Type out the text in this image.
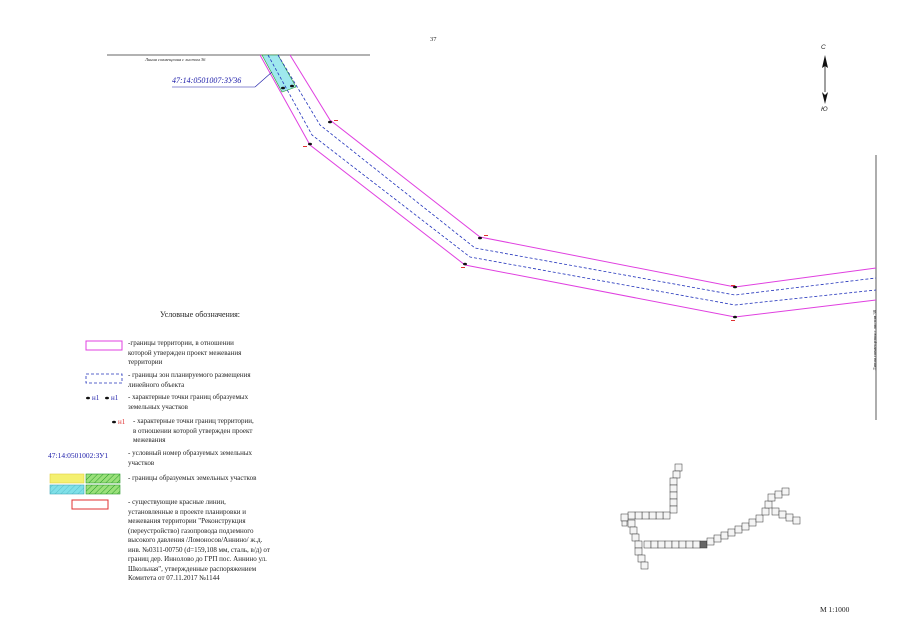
37
Линия совмещения с листом 36
Линия совмещения с листом 38
47:14:0501007:ЗУ36
С
Ю
Условные обозначения:
-границы территории, в отношении
которой утвержден проект межевания
территории
- границы зон планируемого размещения
линейного объекта
н1 н1 - характерные точки границ образуемых
земельных участков
н1 - характерные точки границ территории,
в отношении которой утвержден проект
межевания
47:14:0501002:ЗУ1	- условный номер образуемых земельных
участков
- границы образуемых земельных участков
- существующие красные линии,
установленные в проекте планировки и
межевания территории "Реконструкция
(переустройство) газопровода подземного
высокого давления /Ломоносов/Аннино/ ж.д.
инв. №0311-00750 (d=159,108 мм, сталь, в/д) от
границ дер. Иннолово до ГРП пос. Аннино ул.
Школьная", утвержденные распоряжением
Комитета от 07.11.2017 №1144
М 1:1000
